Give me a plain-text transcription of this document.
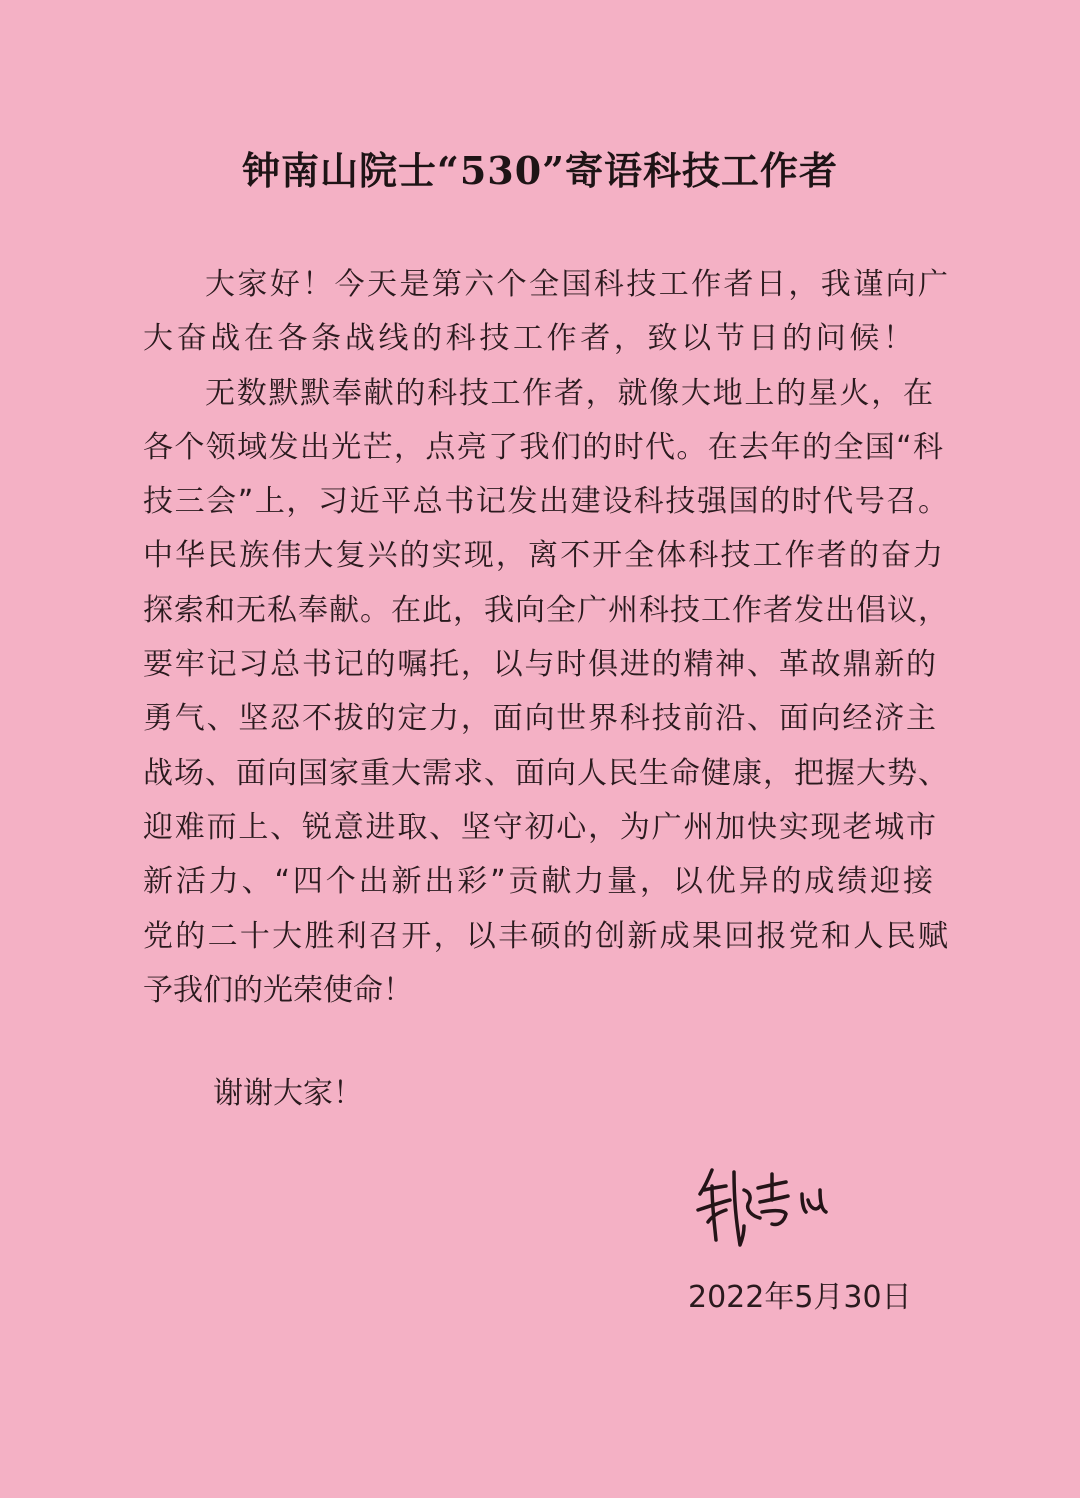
钟南山院士“530”寄语科技工作者
大家好！今天是第六个全国科技工作者日，我谨向广
大奋战在各条战线的科技工作者，致以节日的问候！
无数默默奉献的科技工作者，就像大地上的星火，在
各个领域发出光芒，点亮了我们的时代。在去年的全国“科
技三会”上，习近平总书记发出建设科技强国的时代号召。
中华民族伟大复兴的实现，离不开全体科技工作者的奋力
探索和无私奉献。在此，我向全广州科技工作者发出倡议，
要牢记习总书记的嘱托，以与时俱进的精神、革故鼎新的
勇气、坚忍不拔的定力，面向世界科技前沿、面向经济主
战场、面向国家重大需求、面向人民生命健康，把握大势、
迎难而上、锐意进取、坚守初心，为广州加快实现老城市
新活力、“四个出新出彩”贡献力量，以优异的成绩迎接
党的二十大胜利召开，以丰硕的创新成果回报党和人民赋
予我们的光荣使命！
谢谢大家！
2022年5月30日
